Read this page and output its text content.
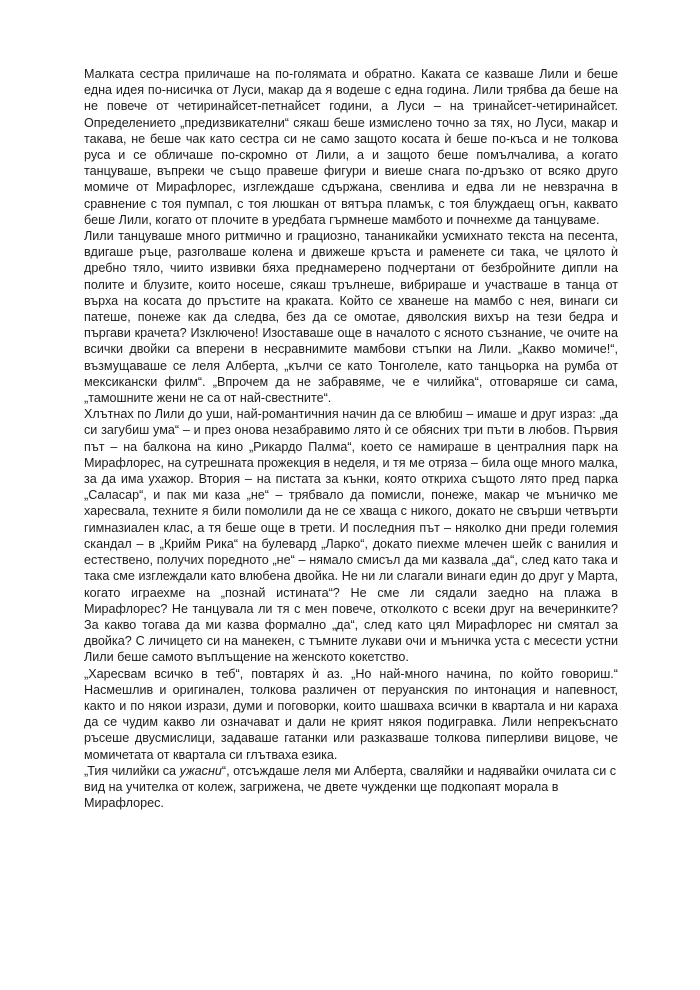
Малката сестра приличаше на по-голямата и обратно. Каката се казваше Лили и беше една идея по-нисичка от Луси, макар да я водеше с една година. Лили трябва да беше на не повече от четиринайсет-петнайсет години, а Луси – на тринайсет-четиринайсет. Определението „предизвикателни“ сякаш беше измислено точно за тях, но Луси, макар и такава, не беше чак като сестра си не само защото косата ѝ беше по-къса и не толкова руса и се обличаше по-скромно от Лили, а и защото беше помълчалива, а когато танцуваше, въпреки че също правеше фигури и виеше снага по-дръзко от всяко друго момиче от Мирафлорес, изглеждаше сдържана, свенлива и едва ли не невзрачна в сравнение с тоя пумпал, с тоя люшкан от вятъра пламък, с тоя блуждаещ огън, каквато беше Лили, когато от плочите в уредбата гърмнеше мамбото и почнехме да танцуваме.

Лили танцуваше много ритмично и грациозно, тананикайки усмихнато текста на песента, вдигаше ръце, разголваше колена и движеше кръста и раменете си така, че цялото ѝ дребно тяло, чиито извивки бяха преднамерено подчертани от безбройните дипли на полите и блузите, които носеше, сякаш трълнеше, вибрираше и участваше в танца от върха на косата до пръстите на краката. Който се хванеше на мамбо с нея, винаги си патеше, понеже как да следва, без да се омотае, дяволския вихър на тези бедра и пъргави крачета? Изключено! Изоставаше още в началото с ясното съзнание, че очите на всички двойки са вперени в несравнимите мамбови стъпки на Лили. „Какво момиче!“, възмущаваше се леля Алберта, „кълчи се като Тонголеле, като танцьорка на румба от мексикански филм“. „Впрочем да не забравяме, че е чилийка“, отговаряше си сама, „тамошните жени не са от най-свестните“.

Хлътнах по Лили до уши, най-романтичния начин да се влюбиш – имаше и друг израз: „да си загубиш ума“ – и през онова незабравимо лято ѝ се обясних три пъти в любов. Първия път – на балкона на кино „Рикардо Палма“, което се намираше в централния парк на Мирафлорес, на сутрешната прожекция в неделя, и тя ме отряза – била още много малка, за да има ухажор. Втория – на пистата за кънки, която откриха същото лято пред парка „Саласар“, и пак ми каза „не“ – трябвало да помисли, понеже, макар че мъничко ме харесвала, техните я били помолили да не се хваща с никого, докато не свърши четвърти гимназиален клас, а тя беше още в трети. И последния път – няколко дни преди големия скандал – в „Крийм Рика“ на булевард „Ларко“, докато пиехме млечен шейк с ванилия и естествено, получих поредното „не“ – нямало смисъл да ми казвала „да“, след като така и така сме изглеждали като влюбена двойка. Не ни ли слагали винаги един до друг у Марта, когато играехме на „познай истината“? Не сме ли сядали заедно на плажа в Мирафлорес? Не танцувала ли тя с мен повече, отколкото с всеки друг на вечеринките? За какво тогава да ми казва формално „да“, след като цял Мирафлорес ни смятал за двойка? С личицето си на манекен, с тъмните лукави очи и мъничка уста с месести устни Лили беше самото въплъщение на женското кокетство.

„Харесвам всичко в теб“, повтарях ѝ аз. „Но най-много начина, по който говориш.“ Насмешлив и оригинален, толкова различен от перуанския по интонация и напевност, както и по някои изрази, думи и поговорки, които шашваха всички в квартала и ни караха да се чудим какво ли означават и дали не крият някоя подигравка. Лили непрекъснато ръсеше двусмислици, задаваше гатанки или разказваше толкова пиперливи вицове, че момичетата от квартала си глътваха езика.

„Тия чилийки са ужасни“, отсъждаше леля ми Алберта, сваляйки и надявайки очилата си с вид на учителка от колеж, загрижена, че двете чужденки ще подкопаят морала в Мирафлорес.
